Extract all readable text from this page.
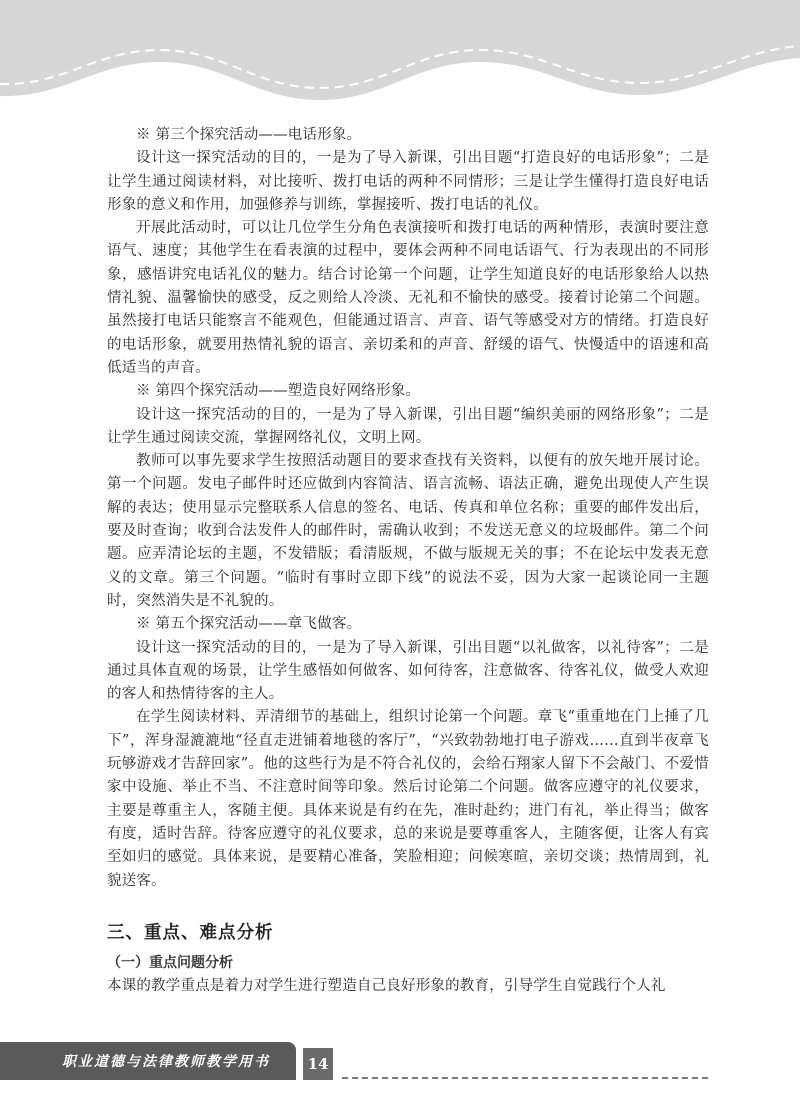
※ 第三个探究活动——电话形象。

设计这一探究活动的目的，一是为了导入新课，引出目题“打造良好的电话形象”；二是让学生通过阅读材料，对比接听、拨打电话的两种不同情形；三是让学生懂得打造良好电话形象的意义和作用，加强修养与训练，掌握接听、拨打电话的礼仪。

开展此活动时，可以让几位学生分角色表演接听和拨打电话的两种情形，表演时要注意语气、速度；其他学生在看表演的过程中，要体会两种不同电话语气、行为表现出的不同形象，感悟讲究电话礼仪的魅力。结合讨论第一个问题，让学生知道良好的电话形象给人以热情礼貌、温馨愉快的感受，反之则给人冷淡、无礼和不愉快的感受。接着讨论第二个问题。虽然接打电话只能察言不能观色，但能通过语言、声音、语气等感受对方的情绪。打造良好的电话形象，就要用热情礼貌的语言、亲切柔和的声音、舒缓的语气、快慢适中的语速和高低适当的声音。

※ 第四个探究活动——塑造良好网络形象。

设计这一探究活动的目的，一是为了导入新课，引出目题“编织美丽的网络形象”；二是让学生通过阅读交流，掌握网络礼仪，文明上网。

教师可以事先要求学生按照活动题目的要求查找有关资料，以便有的放矢地开展讨论。第一个问题。发电子邮件时还应做到内容简洁、语言流畅、语法正确，避免出现使人产生误解的表达；使用显示完整联系人信息的签名、电话、传真和单位名称；重要的邮件发出后，要及时查询；收到合法发件人的邮件时，需确认收到；不发送无意义的垃圾邮件。第二个问题。应弄清论坛的主题，不发错版；看清版规，不做与版规无关的事；不在论坛中发表无意义的文章。第三个问题。“临时有事时立即下线”的说法不妥，因为大家一起谈论同一主题时，突然消失是不礼貌的。

※ 第五个探究活动——章飞做客。

设计这一探究活动的目的，一是为了导入新课，引出目题“以礼做客，以礼待客”；二是通过具体直观的场景，让学生感悟如何做客、如何待客，注意做客、待客礼仪，做受人欢迎的客人和热情待客的主人。

在学生阅读材料、弄清细节的基础上，组织讨论第一个问题。章飞“重重地在门上捶了几下”，浑身湿漉漉地“径直走进铺着地毯的客厅”，“兴致勃勃地打电子游戏……直到半夜章飞玩够游戏才告辞回家”。他的这些行为是不符合礼仪的，会给石翔家人留下不会敲门、不爱惜家中设施、举止不当、不注意时间等印象。然后讨论第二个问题。做客应遵守的礼仪要求，主要是尊重主人，客随主便。具体来说是有约在先，准时赴约；进门有礼，举止得当；做客有度，适时告辞。待客应遵守的礼仪要求，总的来说是要尊重客人，主随客便，让客人有宾至如归的感觉。具体来说，是要精心准备，笑脸相迎；问候寒暄，亲切交谈；热情周到，礼貌送客。

三、重点、难点分析
（一）重点问题分析

本课的教学重点是着力对学生进行塑造自己良好形象的教育，引导学生自觉践行个人礼

职业道德与法律教师教学用书	14
